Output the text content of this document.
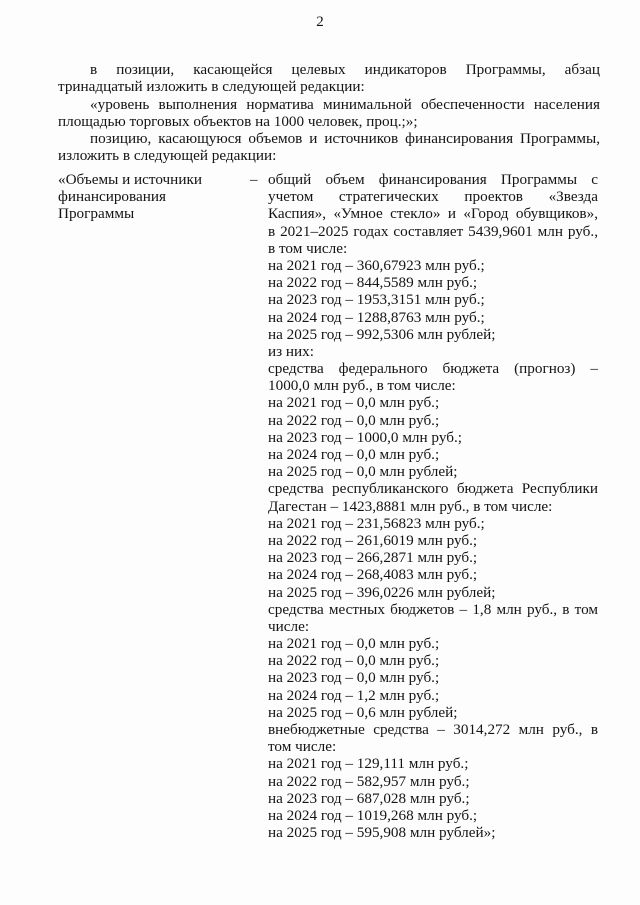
2
в позиции, касающейся целевых индикаторов Программы, абзац
тринадцатый изложить в следующей редакции:
«уровень выполнения норматива минимальной обеспеченности населения
площадью торговых объектов на 1000 человек, проц.;»;
позицию, касающуюся объемов и источников финансирования Программы,
изложить в следующей редакции:
«Объемы и источники
финансирования
Программы
– общий объем финансирования Программы с
учетом стратегических проектов «Звезда
Каспия», «Умное стекло» и «Город обувщиков»,
в 2021–2025 годах составляет 5439,9601 млн руб.,
в том числе:
на 2021 год – 360,67923 млн руб.;
на 2022 год – 844,5589 млн руб.;
на 2023 год – 1953,3151 млн руб.;
на 2024 год – 1288,8763 млн руб.;
на 2025 год – 992,5306 млн рублей;
из них:
средства федерального бюджета (прогноз) –
1000,0 млн руб., в том числе:
на 2021 год – 0,0 млн руб.;
на 2022 год – 0,0 млн руб.;
на 2023 год – 1000,0 млн руб.;
на 2024 год – 0,0 млн руб.;
на 2025 год – 0,0 млн рублей;
средства республиканского бюджета Республики
Дагестан – 1423,8881 млн руб., в том числе:
на 2021 год – 231,56823 млн руб.;
на 2022 год – 261,6019 млн руб.;
на 2023 год – 266,2871 млн руб.;
на 2024 год – 268,4083 млн руб.;
на 2025 год – 396,0226 млн рублей;
средства местных бюджетов – 1,8 млн руб., в том
числе:
на 2021 год – 0,0 млн руб.;
на 2022 год – 0,0 млн руб.;
на 2023 год – 0,0 млн руб.;
на 2024 год – 1,2 млн руб.;
на 2025 год – 0,6 млн рублей;
внебюджетные средства – 3014,272 млн руб., в
том числе:
на 2021 год – 129,111 млн руб.;
на 2022 год – 582,957 млн руб.;
на 2023 год – 687,028 млн руб.;
на 2024 год – 1019,268 млн руб.;
на 2025 год – 595,908 млн рублей»;
